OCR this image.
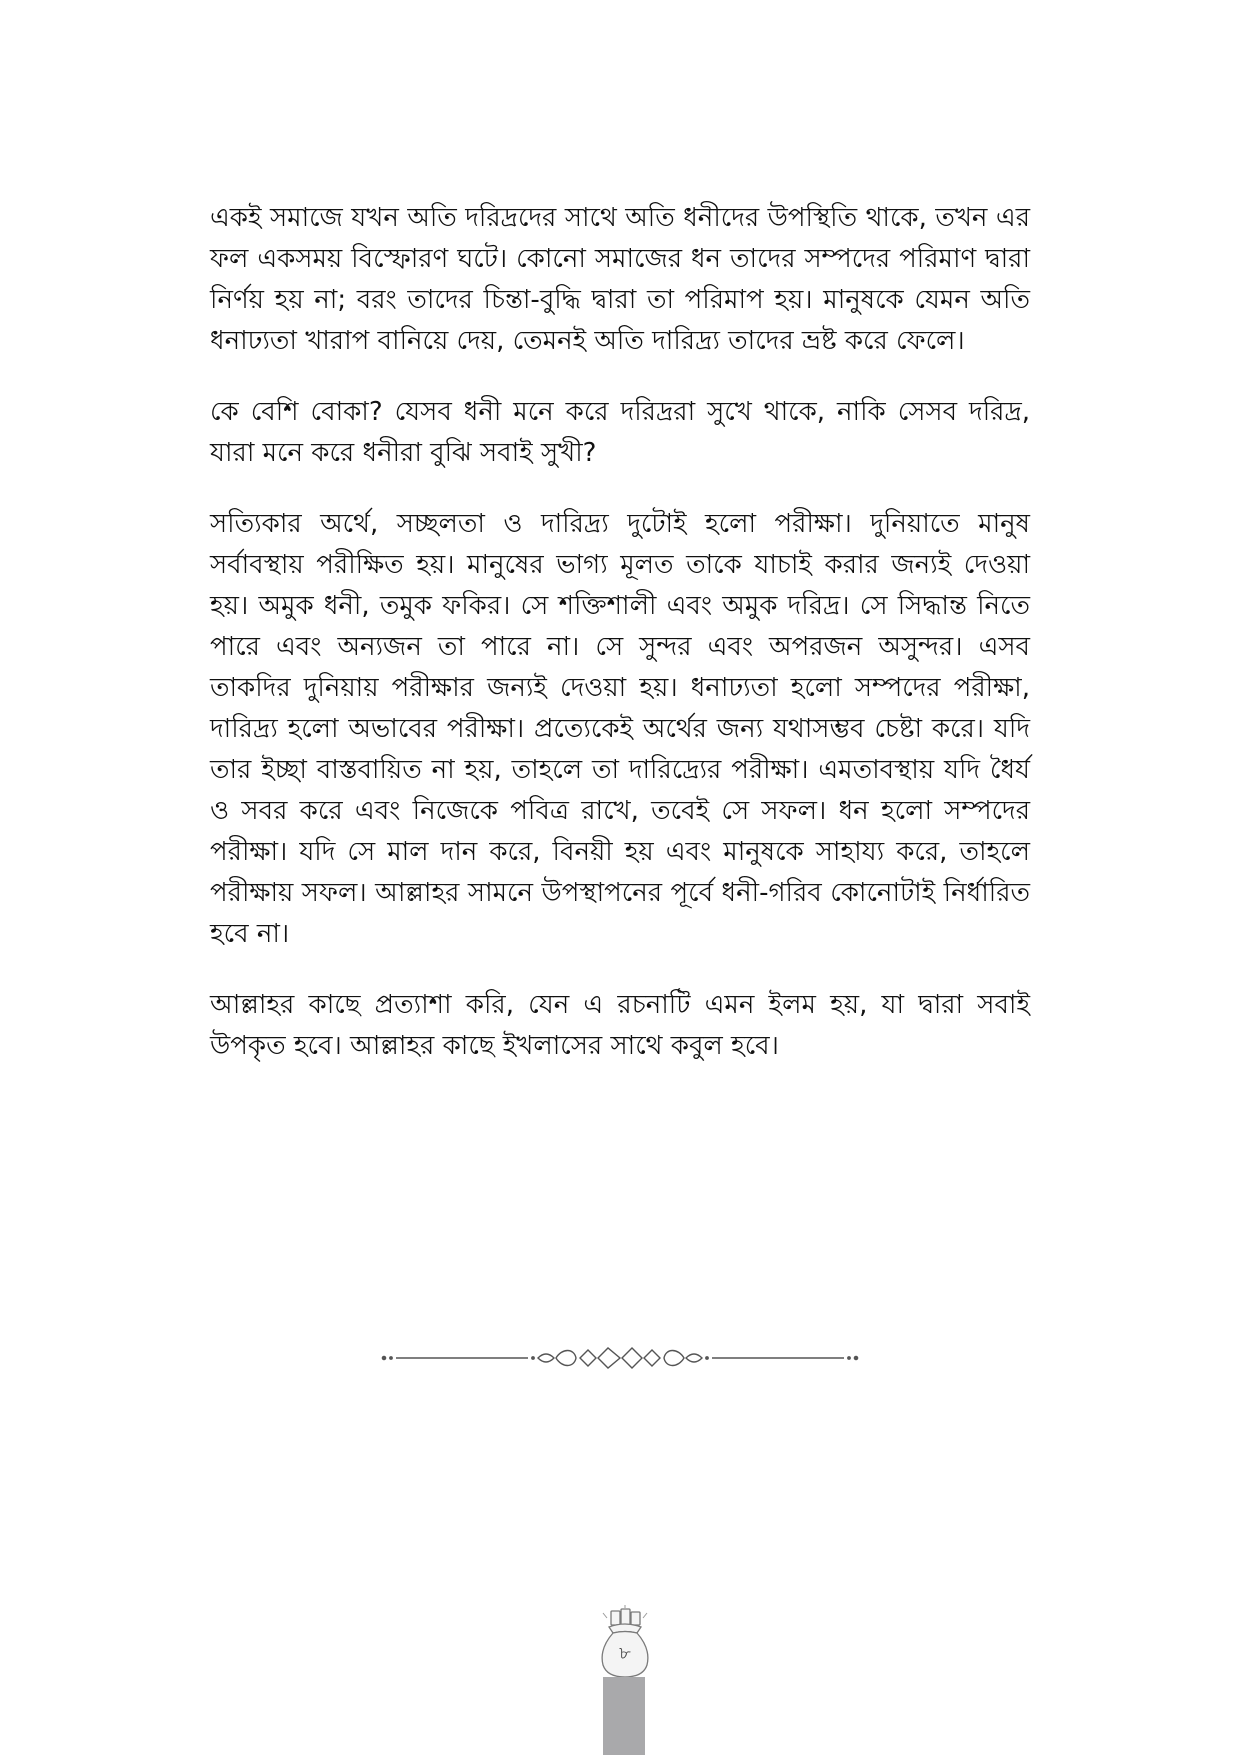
একই সমাজে যখন অতি দরিদ্রদের সাথে অতি ধনীদের উপস্থিতি থাকে, তখন এর ফল একসময় বিস্ফোরণ ঘটে। কোনো সমাজের ধন তাদের সম্পদের পরিমাণ দ্বারা নির্ণয় হয় না; বরং তাদের চিন্তা-বুদ্ধি দ্বারা তা পরিমাপ হয়। মানুষকে যেমন অতি ধনাঢ্যতা খারাপ বানিয়ে দেয়, তেমনই অতি দারিদ্র্য তাদের ভ্রষ্ট করে ফেলে।

কে বেশি বোকা? যেসব ধনী মনে করে দরিদ্ররা সুখে থাকে, নাকি সেসব দরিদ্র, যারা মনে করে ধনীরা বুঝি সবাই সুখী?

সত্যিকার অর্থে, সচ্ছলতা ও দারিদ্র্য দুটোই হলো পরীক্ষা। দুনিয়াতে মানুষ সর্বাবস্থায় পরীক্ষিত হয়। মানুষের ভাগ্য মূলত তাকে যাচাই করার জন্যই দেওয়া হয়। অমুক ধনী, তমুক ফকির। সে শক্তিশালী এবং অমুক দরিদ্র। সে সিদ্ধান্ত নিতে পারে এবং অন্যজন তা পারে না। সে সুন্দর এবং অপরজন অসুন্দর। এসব তাকদির দুনিয়ায় পরীক্ষার জন্যই দেওয়া হয়। ধনাঢ্যতা হলো সম্পদের পরীক্ষা, দারিদ্র্য হলো অভাবের পরীক্ষা। প্রত্যেকেই অর্থের জন্য যথাসম্ভব চেষ্টা করে। যদি তার ইচ্ছা বাস্তবায়িত না হয়, তাহলে তা দারিদ্র্যের পরীক্ষা। এমতাবস্থায় যদি ধৈর্য ও সবর করে এবং নিজেকে পবিত্র রাখে, তবেই সে সফল। ধন হলো সম্পদের পরীক্ষা। যদি সে মাল দান করে, বিনয়ী হয় এবং মানুষকে সাহায্য করে, তাহলে পরীক্ষায় সফল। আল্লাহর সামনে উপস্থাপনের পূর্বে ধনী-গরিব কোনোটাই নির্ধারিত হবে না।

আল্লাহর কাছে প্রত্যাশা করি, যেন এ রচনাটি এমন ইলম হয়, যা দ্বারা সবাই উপকৃত হবে। আল্লাহর কাছে ইখলাসের সাথে কবুল হবে।

৮
